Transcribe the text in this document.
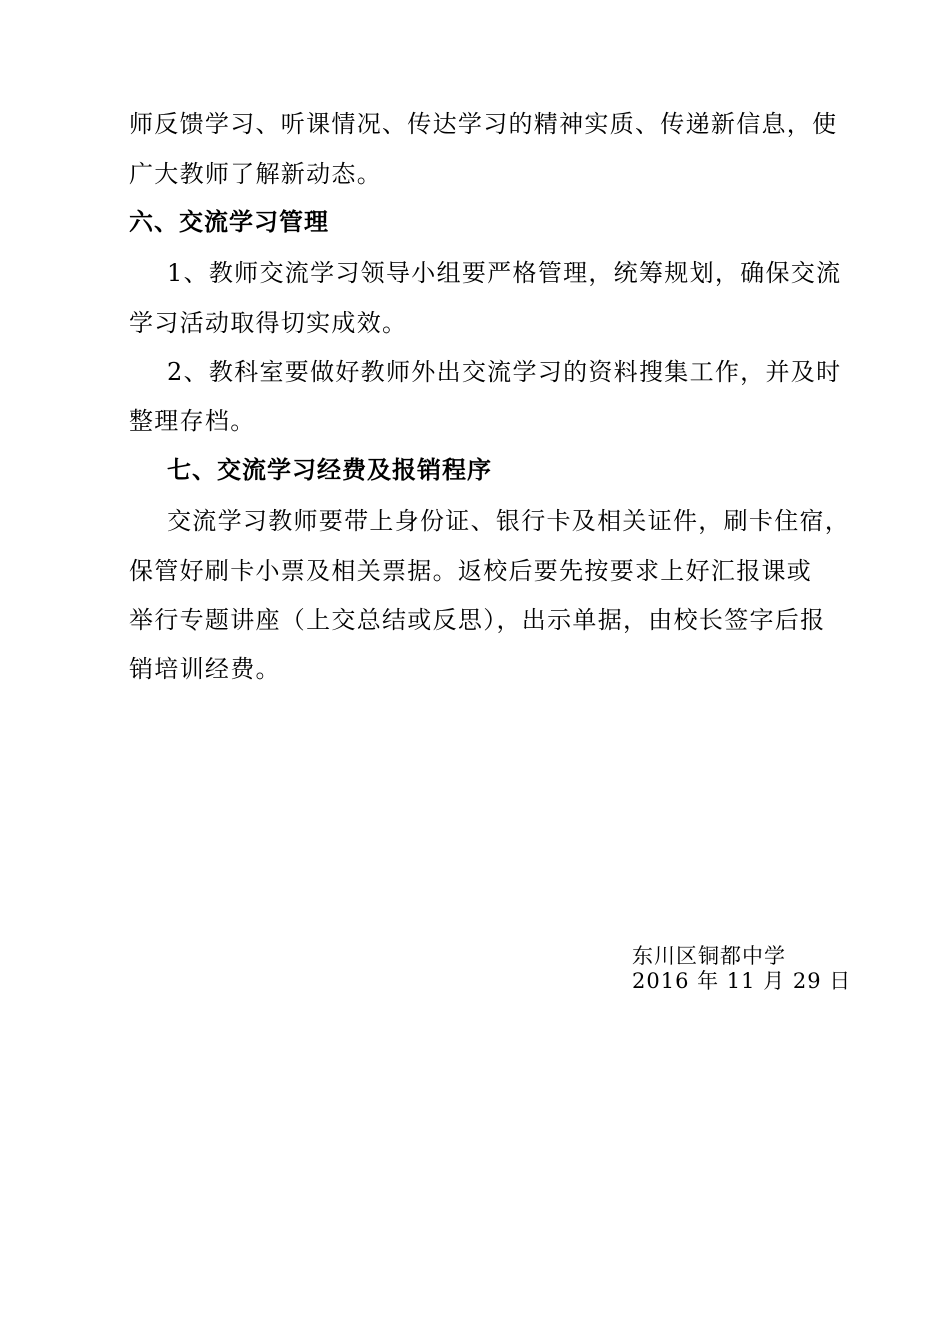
师反馈学习、听课情况、传达学习的精神实质、传递新信息，使
广大教师了解新动态。
六、交流学习管理
1、教师交流学习领导小组要严格管理，统筹规划，确保交流
学习活动取得切实成效。
2、教科室要做好教师外出交流学习的资料搜集工作，并及时
整理存档。
七、交流学习经费及报销程序
交流学习教师要带上身份证、银行卡及相关证件，刷卡住宿，
保管好刷卡小票及相关票据。返校后要先按要求上好汇报课或
举行专题讲座（上交总结或反思），出示单据，由校长签字后报
销培训经费。
东川区铜都中学
2016 年 11 月 29 日
